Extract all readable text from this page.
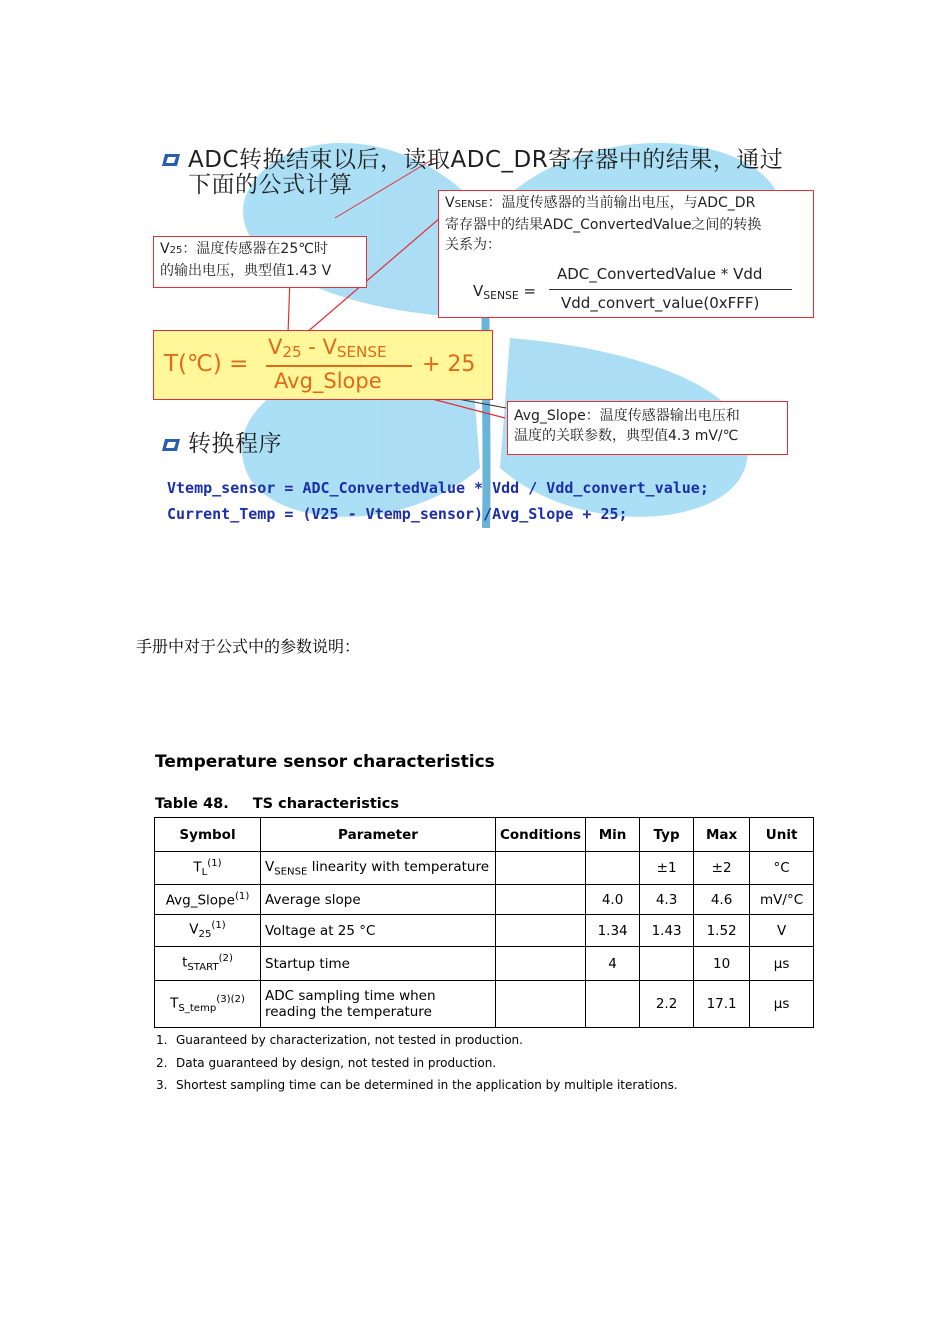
ADC转换结束以后，读取ADC_DR寄存器中的结果，通过
下面的公式计算
VSENSE：温度传感器的当前输出电压，与ADC_DR
寄存器中的结果ADC_ConvertedValue之间的转换
关系为：
$V_{SENSE}$ =
ADC_ConvertedValue * Vdd
Vdd_convert_value(0xFFF)
V25：温度传感器在25℃时
的输出电压，典型值1.43 V
T(℃) =
V25 - VSENSE
Avg_Slope
+ 25
Avg_Slope：温度传感器输出电压和
温度的关联参数，典型值4.3 mV/℃
转换程序
Vtemp_sensor = ADC_ConvertedValue * Vdd / Vdd_convert_value;
Current_Temp = (V25 - Vtemp_sensor)/Avg_Slope + 25;
手册中对于公式中的参数说明：
Temperature sensor characteristics
Table 48. TS characteristics
Symbol	Parameter	Conditions	Min	Typ	Max	Unit
$T_L^{(1)}$	$V_{SENSE}$ linearity with temperature			±1	±2	°C
Avg_Slope$^{(1)}$	Average slope		4.0	4.3	4.6	mV/°C
$V_{25}^{(1)}$	Voltage at 25 °C		1.34	1.43	1.52	V
$t_{START}^{(2)}$	Startup time		4		10	µs
$T_{S\_temp}^{(3)(2)}$	ADC sampling time when reading the temperature			2.2	17.1	µs
1. Guaranteed by characterization, not tested in production.
2. Data guaranteed by design, not tested in production.
3. Shortest sampling time can be determined in the application by multiple iterations.
